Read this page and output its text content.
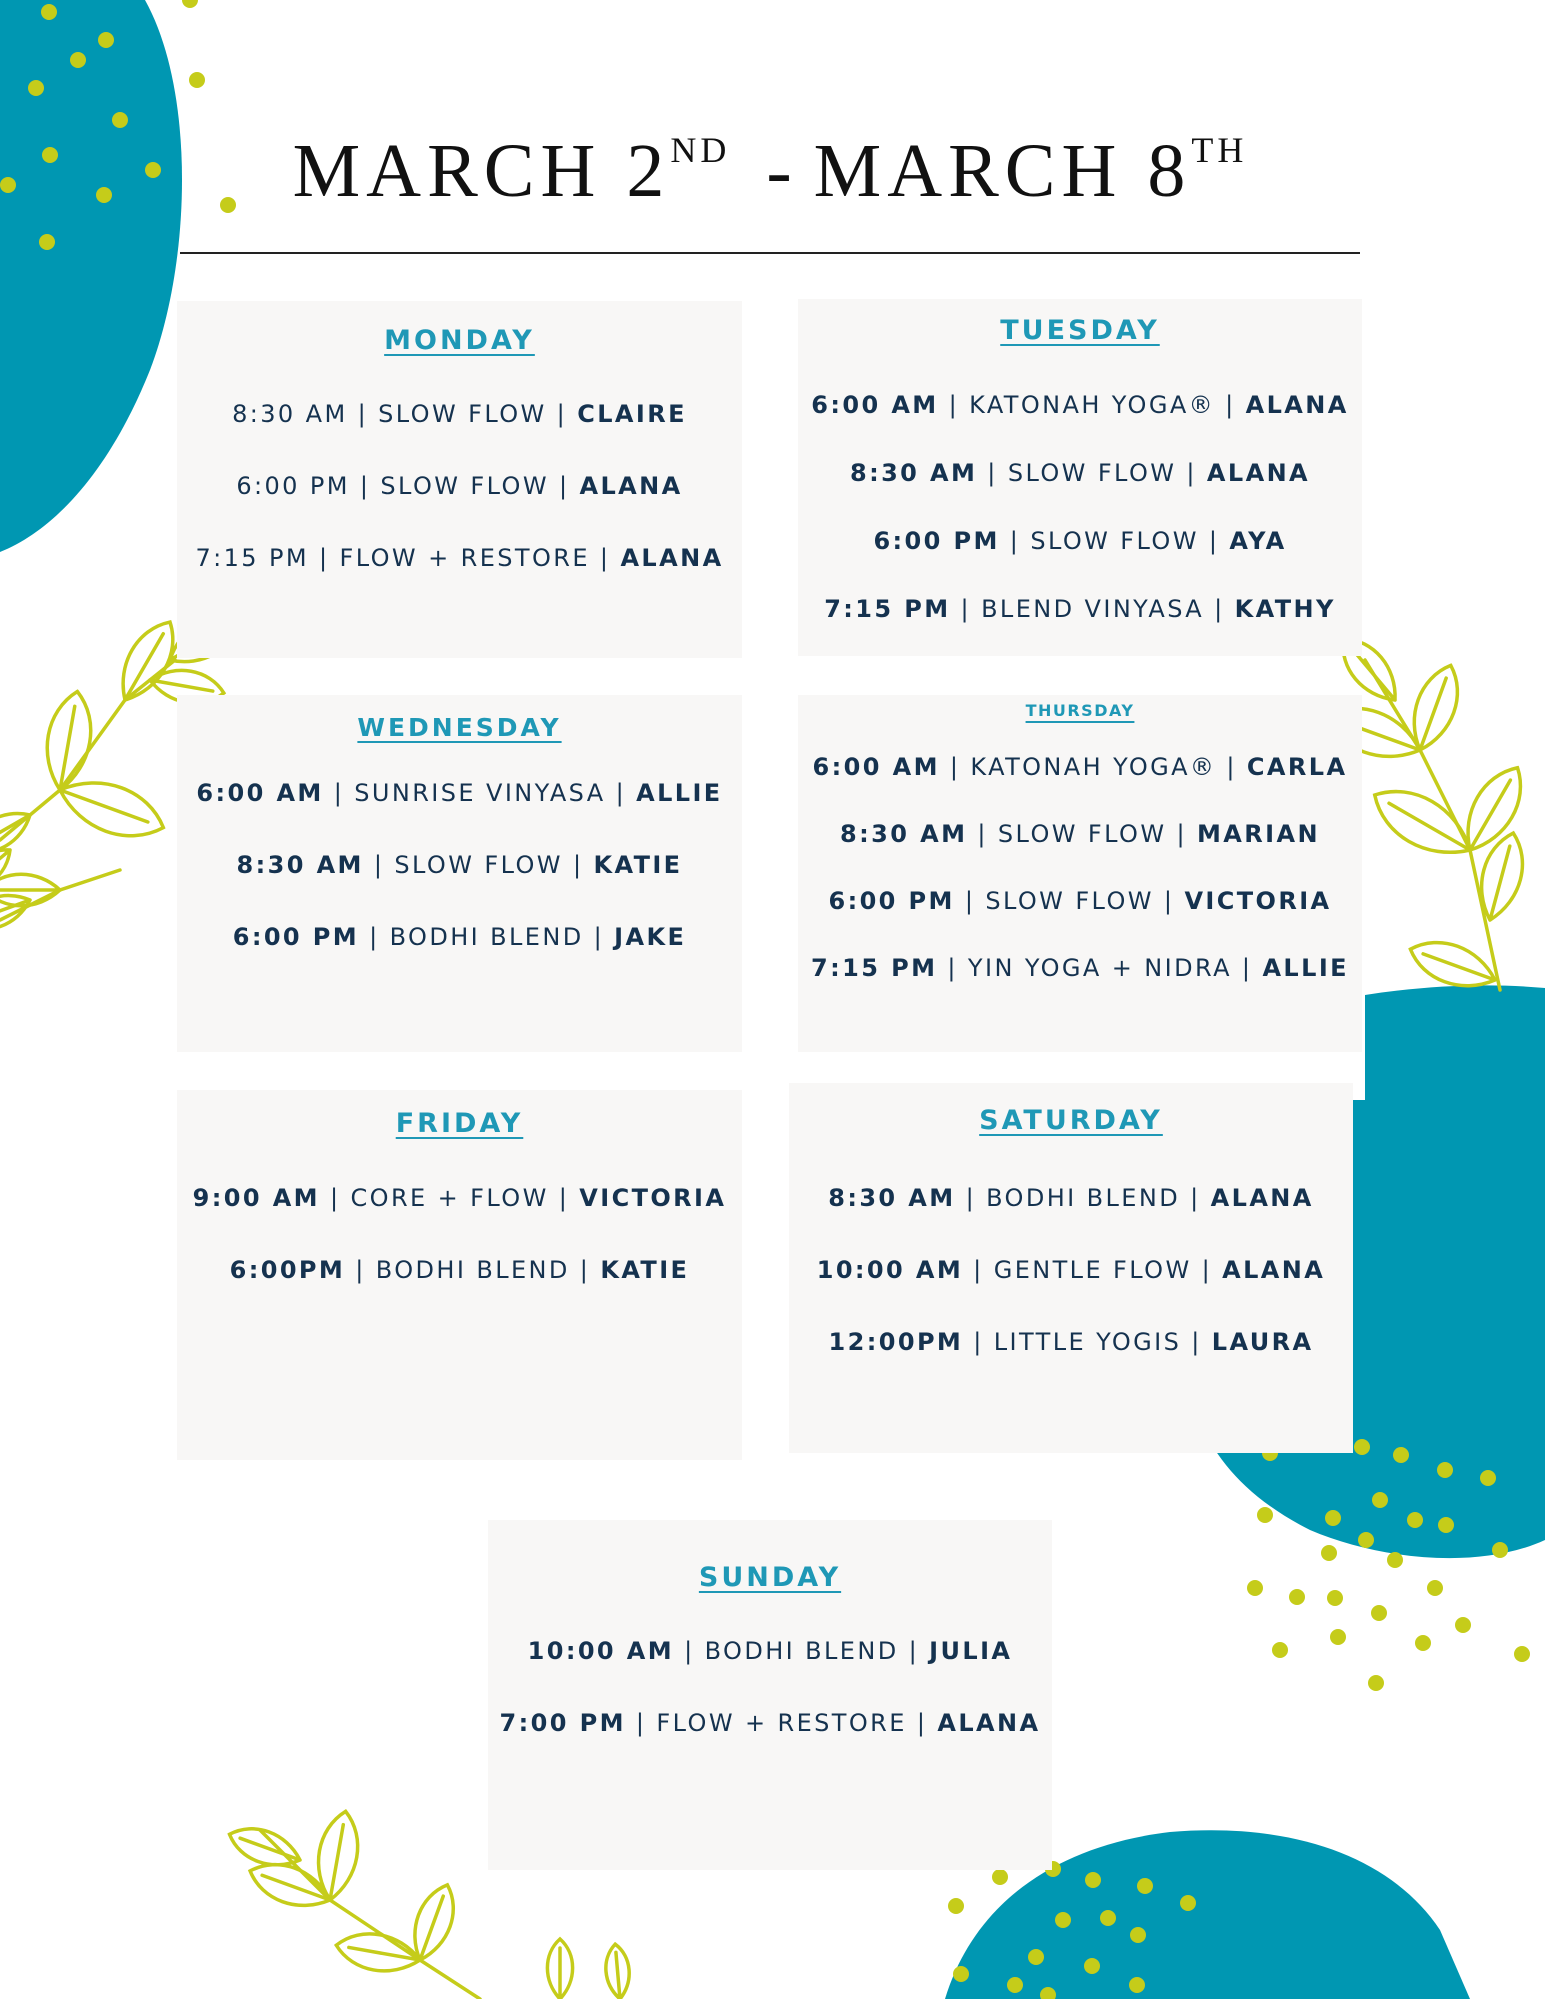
MARCH 2ND - MARCH 8TH
MONDAY
8:30 AM | SLOW FLOW | CLAIRE
6:00 PM | SLOW FLOW | ALANA
7:15 PM | FLOW + RESTORE | ALANA
TUESDAY
6:00 AM | KATONAH YOGA® | ALANA
8:30 AM | SLOW FLOW | ALANA
6:00 PM | SLOW FLOW | AYA
7:15 PM | BLEND VINYASA | KATHY
WEDNESDAY
6:00 AM | SUNRISE VINYASA | ALLIE
8:30 AM | SLOW FLOW | KATIE
6:00 PM | BODHI BLEND | JAKE
THURSDAY
6:00 AM | KATONAH YOGA® | CARLA
8:30 AM | SLOW FLOW | MARIAN
6:00 PM | SLOW FLOW | VICTORIA
7:15 PM | YIN YOGA + NIDRA | ALLIE
FRIDAY
9:00 AM | CORE + FLOW | VICTORIA
6:00PM | BODHI BLEND | KATIE
SATURDAY
8:30 AM | BODHI BLEND | ALANA
10:00 AM | GENTLE FLOW | ALANA
12:00PM | LITTLE YOGIS | LAURA
SUNDAY
10:00 AM | BODHI BLEND | JULIA
7:00 PM | FLOW + RESTORE | ALANA
